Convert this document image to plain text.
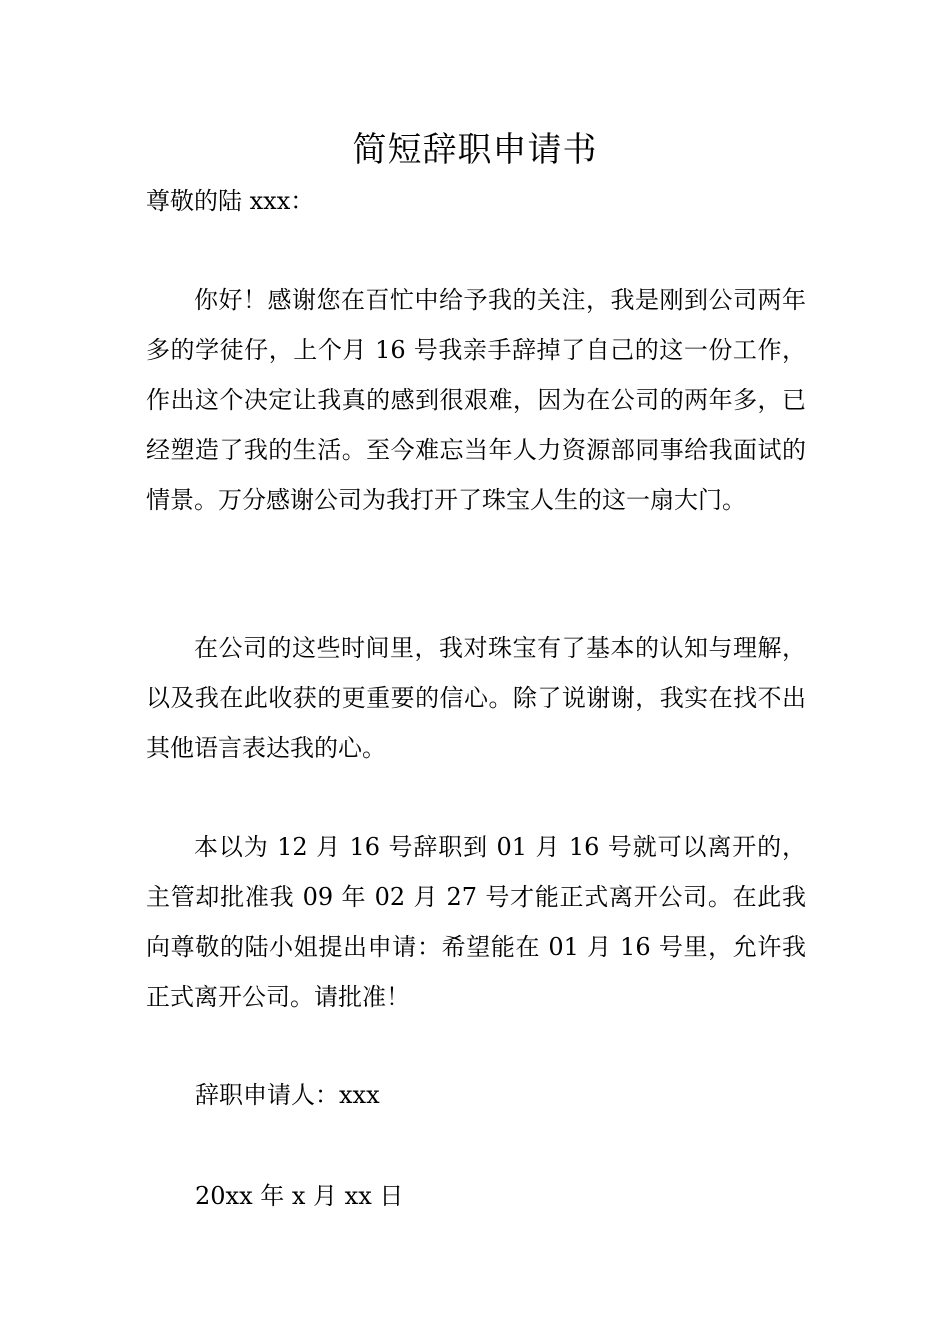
简短辞职申请书

尊敬的陆 xxx：

你好！感谢您在百忙中给予我的关注，我是刚到公司两年多的学徒仔，上个月 16 号我亲手辞掉了自己的这一份工作，作出这个决定让我真的感到很艰难，因为在公司的两年多，已经塑造了我的生活。至今难忘当年人力资源部同事给我面试的情景。万分感谢公司为我打开了珠宝人生的这一扇大门。

在公司的这些时间里，我对珠宝有了基本的认知与理解，以及我在此收获的更重要的信心。除了说谢谢，我实在找不出其他语言表达我的心。

本以为 12 月 16 号辞职到 01 月 16 号就可以离开的，主管却批准我 09 年 02 月 27 号才能正式离开公司。在此我向尊敬的陆小姐提出申请：希望能在 01 月 16 号里，允许我正式离开公司。请批准！

辞职申请人：xxx

20xx 年 x 月 xx 日
